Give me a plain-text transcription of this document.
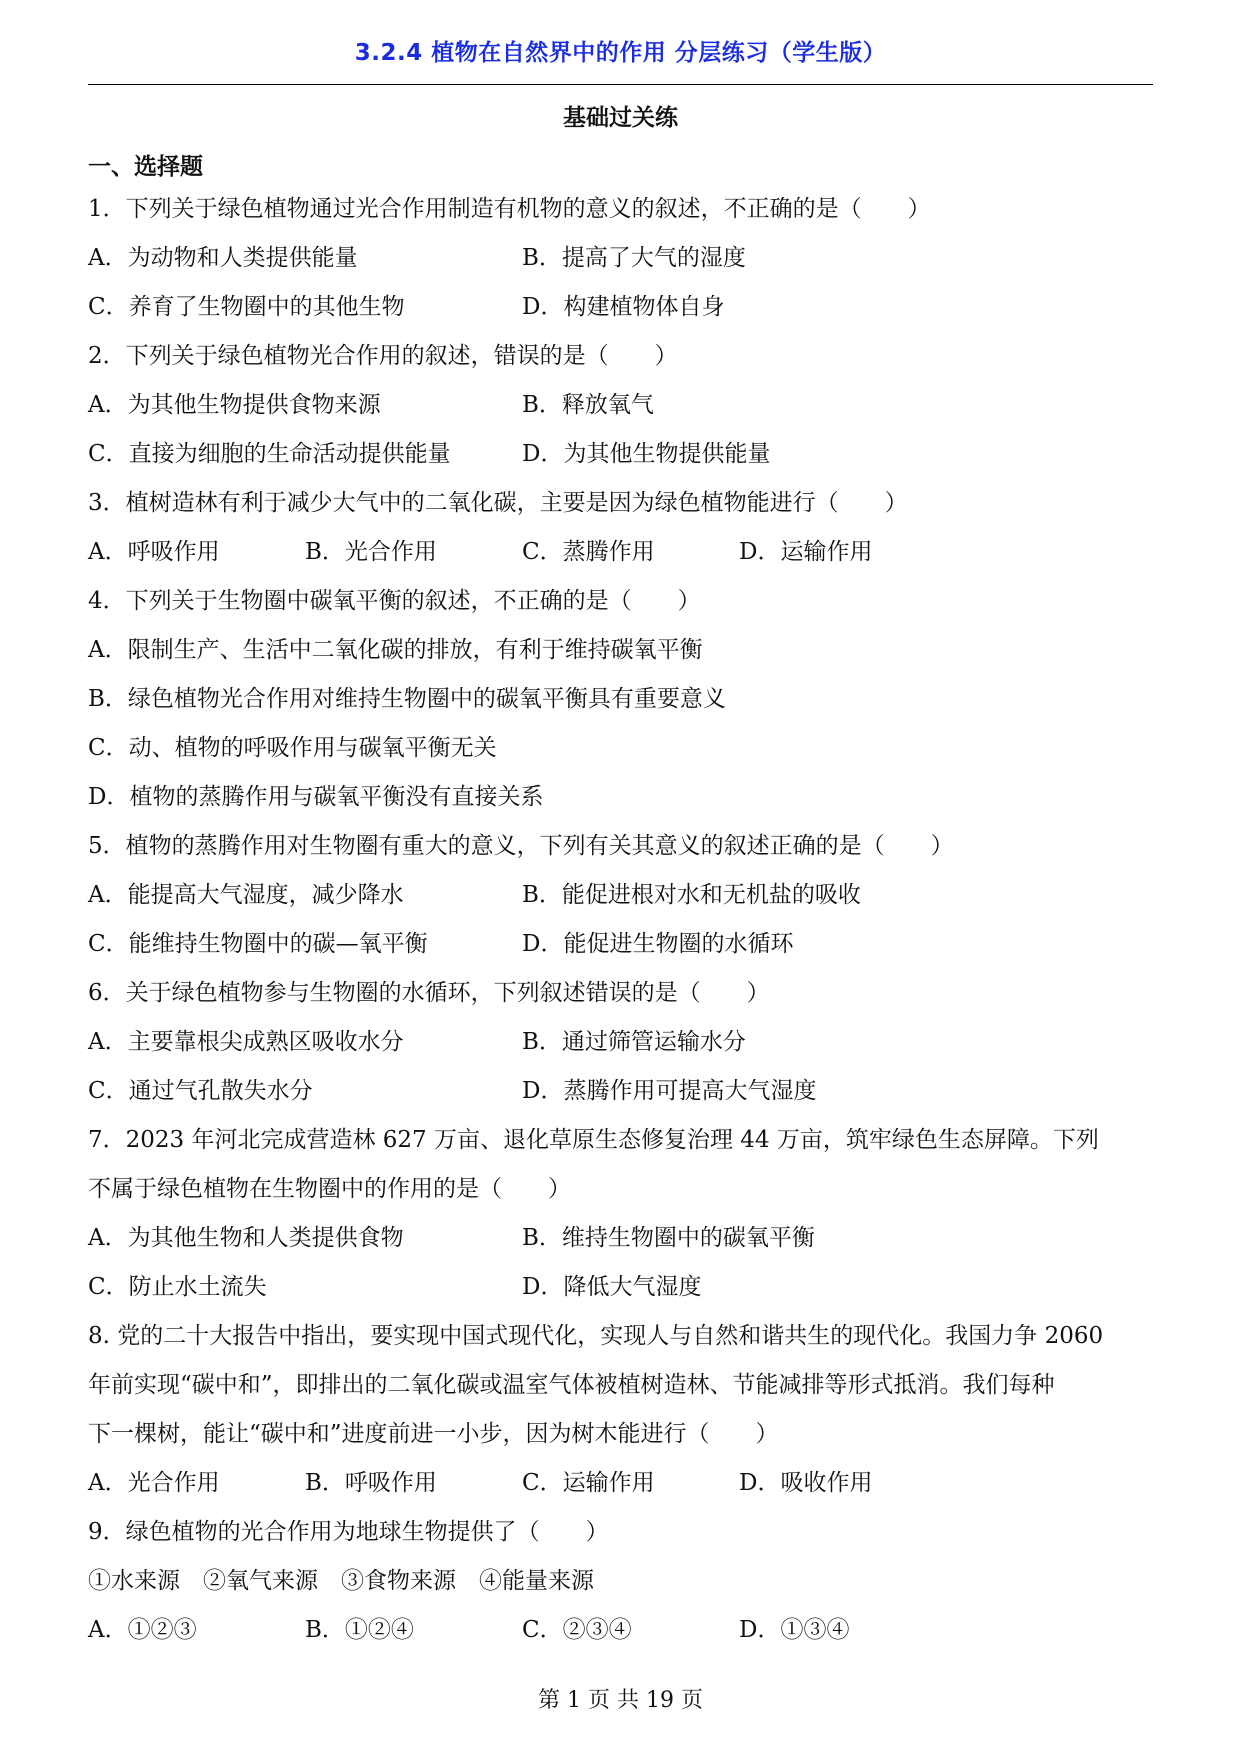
3.2.4 植物在自然界中的作用 分层练习（学生版）
基础过关练
一、选择题
1．下列关于绿色植物通过光合作用制造有机物的意义的叙述，不正确的是（　　）
A．为动物和人类提供能量	B．提高了大气的湿度
C．养育了生物圈中的其他生物	D．构建植物体自身
2．下列关于绿色植物光合作用的叙述，错误的是（　　）
A．为其他生物提供食物来源	B．释放氧气
C．直接为细胞的生命活动提供能量	D．为其他生物提供能量
3．植树造林有利于减少大气中的二氧化碳，主要是因为绿色植物能进行（　　）
A．呼吸作用	B．光合作用	C．蒸腾作用	D．运输作用
4．下列关于生物圈中碳氧平衡的叙述，不正确的是（　　）
A．限制生产、生活中二氧化碳的排放，有利于维持碳氧平衡
B．绿色植物光合作用对维持生物圈中的碳氧平衡具有重要意义
C．动、植物的呼吸作用与碳氧平衡无关
D．植物的蒸腾作用与碳氧平衡没有直接关系
5．植物的蒸腾作用对生物圈有重大的意义，下列有关其意义的叙述正确的是（　　）
A．能提高大气湿度，减少降水	B．能促进根对水和无机盐的吸收
C．能维持生物圈中的碳—氧平衡	D．能促进生物圈的水循环
6．关于绿色植物参与生物圈的水循环，下列叙述错误的是（　　）
A．主要靠根尖成熟区吸收水分	B．通过筛管运输水分
C．通过气孔散失水分	D．蒸腾作用可提高大气湿度
7．2023 年河北完成营造林 627 万亩、退化草原生态修复治理 44 万亩，筑牢绿色生态屏障。下列
不属于绿色植物在生物圈中的作用的是（　　）
A．为其他生物和人类提供食物	B．维持生物圈中的碳氧平衡
C．防止水土流失	D．降低大气湿度
8. 党的二十大报告中指出，要实现中国式现代化，实现人与自然和谐共生的现代化。我国力争 2060
年前实现“碳中和”，即排出的二氧化碳或温室气体被植树造林、节能减排等形式抵消。我们每种
下一棵树，能让“碳中和”进度前进一小步，因为树木能进行（　　）
A．光合作用	B．呼吸作用	C．运输作用	D．吸收作用
9．绿色植物的光合作用为地球生物提供了（　　）
①水来源　②氧气来源　③食物来源　④能量来源
A．①②③	B．①②④	C．②③④	D．①③④
第 1 页 共 19 页
